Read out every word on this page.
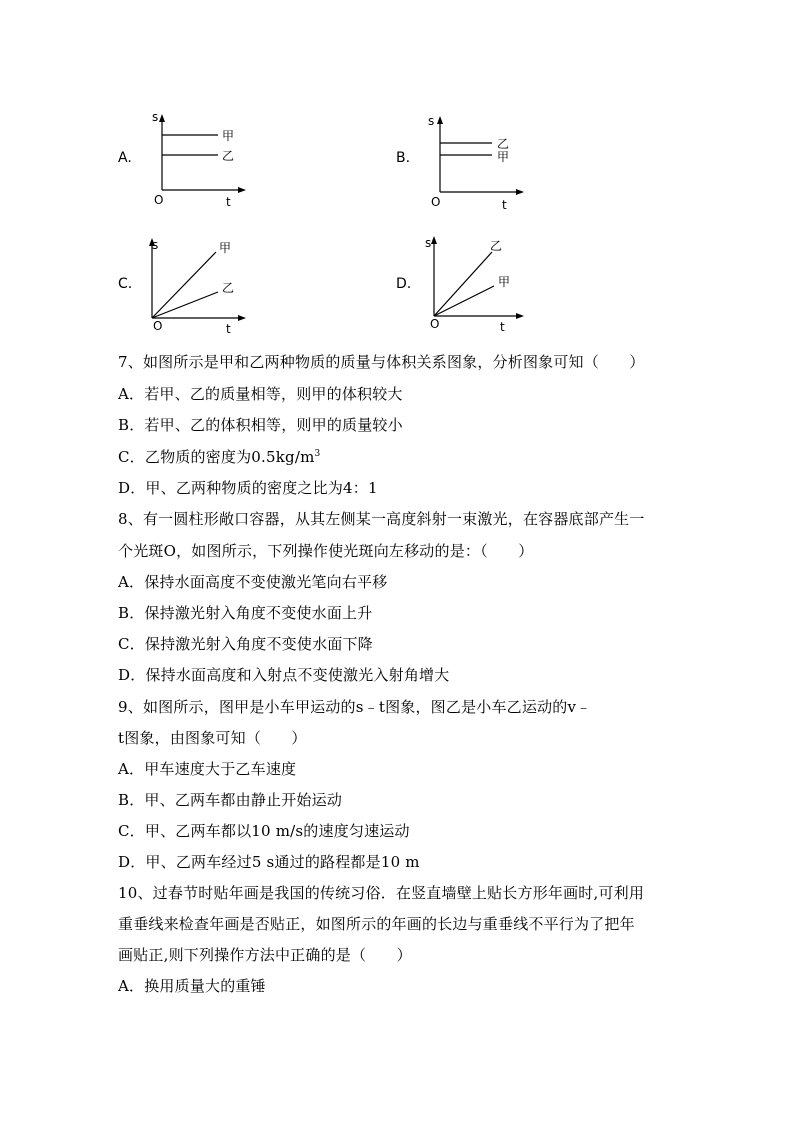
A.
s
t
O
甲
乙	B.
s
t
O
乙
甲
C.
s
t
O
甲
乙	D.
s
t
O
乙
甲
7、如图所示是甲和乙两种物质的质量与体积关系图象，分析图象可知（　　）
A．若甲、乙的质量相等，则甲的体积较大
B．若甲、乙的体积相等，则甲的质量较小
C．乙物质的密度为$0.5kg/m^3$
D．甲、乙两种物质的密度之比为4：1
8、有一圆柱形敞口容器，从其左侧某一高度斜射一束激光，在容器底部产生一
个光斑O，如图所示，下列操作使光斑向左移动的是：（　　）
A．保持水面高度不变使激光笔向右平移
B．保持激光射入角度不变使水面上升
C．保持激光射入角度不变使水面下降
D．保持水面高度和入射点不变使激光入射角增大
9、如图所示，图甲是小车甲运动的s﹣t图象，图乙是小车乙运动的v﹣
t图象，由图象可知（　　）
A．甲车速度大于乙车速度
B．甲、乙两车都由静止开始运动
C．甲、乙两车都以10 m/s的速度匀速运动
D．甲、乙两车经过5 s通过的路程都是10 m
10、过春节时贴年画是我国的传统习俗．在竖直墙壁上贴长方形年画时,可利用
重垂线来检查年画是否贴正，如图所示的年画的长边与重垂线不平行为了把年
画贴正,则下列操作方法中正确的是（　　）
A．换用质量大的重锤
